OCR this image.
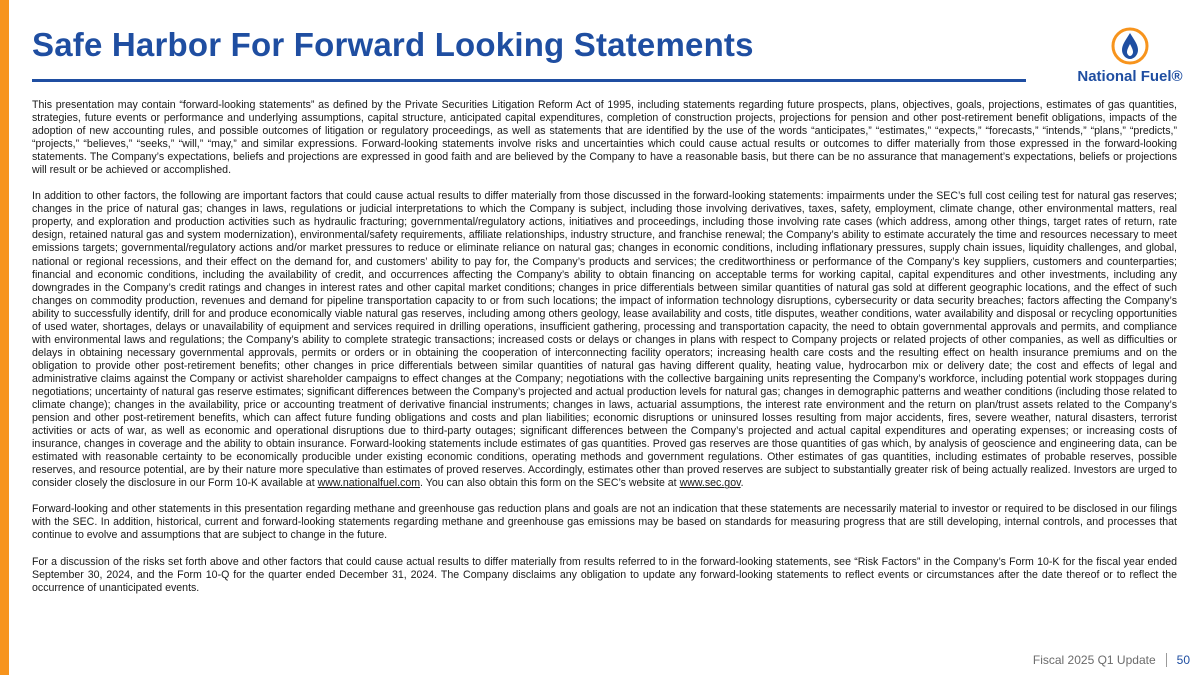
Safe Harbor For Forward Looking Statements
National Fuel®

This presentation may contain “forward-looking statements” as defined by the Private Securities Litigation Reform Act of 1995, including statements regarding future prospects, plans, objectives, goals, projections, estimates of gas quantities, strategies, future events or performance and underlying assumptions, capital structure, anticipated capital expenditures, completion of construction projects, projections for pension and other post-retirement benefit obligations, impacts of the adoption of new accounting rules, and possible outcomes of litigation or regulatory proceedings, as well as statements that are identified by the use of the words “anticipates,” “estimates,” “expects,” “forecasts,” “intends,” “plans,” “predicts,” “projects,” “believes,” “seeks,” “will,” “may,” and similar expressions. Forward-looking statements involve risks and uncertainties which could cause actual results or outcomes to differ materially from those expressed in the forward-looking statements. The Company’s expectations, beliefs and projections are expressed in good faith and are believed by the Company to have a reasonable basis, but there can be no assurance that management’s expectations, beliefs or projections will result or be achieved or accomplished.

In addition to other factors, the following are important factors that could cause actual results to differ materially from those discussed in the forward-looking statements: impairments under the SEC’s full cost ceiling test for natural gas reserves; changes in the price of natural gas; changes in laws, regulations or judicial interpretations to which the Company is subject, including those involving derivatives, taxes, safety, employment, climate change, other environmental matters, real property, and exploration and production activities such as hydraulic fracturing; governmental/regulatory actions, initiatives and proceedings, including those involving rate cases (which address, among other things, target rates of return, rate design, retained natural gas and system modernization), environmental/safety requirements, affiliate relationships, industry structure, and franchise renewal; the Company’s ability to estimate accurately the time and resources necessary to meet emissions targets; governmental/regulatory actions and/or market pressures to reduce or eliminate reliance on natural gas; changes in economic conditions, including inflationary pressures, supply chain issues, liquidity challenges, and global, national or regional recessions, and their effect on the demand for, and customers’ ability to pay for, the Company’s products and services; the creditworthiness or performance of the Company’s key suppliers, customers and counterparties; financial and economic conditions, including the availability of credit, and occurrences affecting the Company’s ability to obtain financing on acceptable terms for working capital, capital expenditures and other investments, including any downgrades in the Company’s credit ratings and changes in interest rates and other capital market conditions; changes in price differentials between similar quantities of natural gas sold at different geographic locations, and the effect of such changes on commodity production, revenues and demand for pipeline transportation capacity to or from such locations; the impact of information technology disruptions, cybersecurity or data security breaches; factors affecting the Company’s ability to successfully identify, drill for and produce economically viable natural gas reserves, including among others geology, lease availability and costs, title disputes, weather conditions, water availability and disposal or recycling opportunities of used water, shortages, delays or unavailability of equipment and services required in drilling operations, insufficient gathering, processing and transportation capacity, the need to obtain governmental approvals and permits, and compliance with environmental laws and regulations; the Company’s ability to complete strategic transactions; increased costs or delays or changes in plans with respect to Company projects or related projects of other companies, as well as difficulties or delays in obtaining necessary governmental approvals, permits or orders or in obtaining the cooperation of interconnecting facility operators; increasing health care costs and the resulting effect on health insurance premiums and on the obligation to provide other post-retirement benefits; other changes in price differentials between similar quantities of natural gas having different quality, heating value, hydrocarbon mix or delivery date; the cost and effects of legal and administrative claims against the Company or activist shareholder campaigns to effect changes at the Company; negotiations with the collective bargaining units representing the Company’s workforce, including potential work stoppages during negotiations; uncertainty of natural gas reserve estimates; significant differences between the Company’s projected and actual production levels for natural gas; changes in demographic patterns and weather conditions (including those related to climate change); changes in the availability, price or accounting treatment of derivative financial instruments; changes in laws, actuarial assumptions, the interest rate environment and the return on plan/trust assets related to the Company’s pension and other post-retirement benefits, which can affect future funding obligations and costs and plan liabilities; economic disruptions or uninsured losses resulting from major accidents, fires, severe weather, natural disasters, terrorist activities or acts of war, as well as economic and operational disruptions due to third-party outages; significant differences between the Company’s projected and actual capital expenditures and operating expenses; or increasing costs of insurance, changes in coverage and the ability to obtain insurance. Forward-looking statements include estimates of gas quantities. Proved gas reserves are those quantities of gas which, by analysis of geoscience and engineering data, can be estimated with reasonable certainty to be economically producible under existing economic conditions, operating methods and government regulations. Other estimates of gas quantities, including estimates of probable reserves, possible reserves, and resource potential, are by their nature more speculative than estimates of proved reserves. Accordingly, estimates other than proved reserves are subject to substantially greater risk of being actually realized. Investors are urged to consider closely the disclosure in our Form 10-K available at www.nationalfuel.com. You can also obtain this form on the SEC’s website at www.sec.gov.

Forward-looking and other statements in this presentation regarding methane and greenhouse gas reduction plans and goals are not an indication that these statements are necessarily material to investor or required to be disclosed in our filings with the SEC. In addition, historical, current and forward-looking statements regarding methane and greenhouse gas emissions may be based on standards for measuring progress that are still developing, internal controls, and processes that continue to evolve and assumptions that are subject to change in the future.

For a discussion of the risks set forth above and other factors that could cause actual results to differ materially from results referred to in the forward-looking statements, see “Risk Factors” in the Company’s Form 10-K for the fiscal year ended September 30, 2024, and the Form 10-Q for the quarter ended December 31, 2024. The Company disclaims any obligation to update any forward-looking statements to reflect events or circumstances after the date thereof or to reflect the occurrence of unanticipated events.

Fiscal 2025 Q1 Update 50
